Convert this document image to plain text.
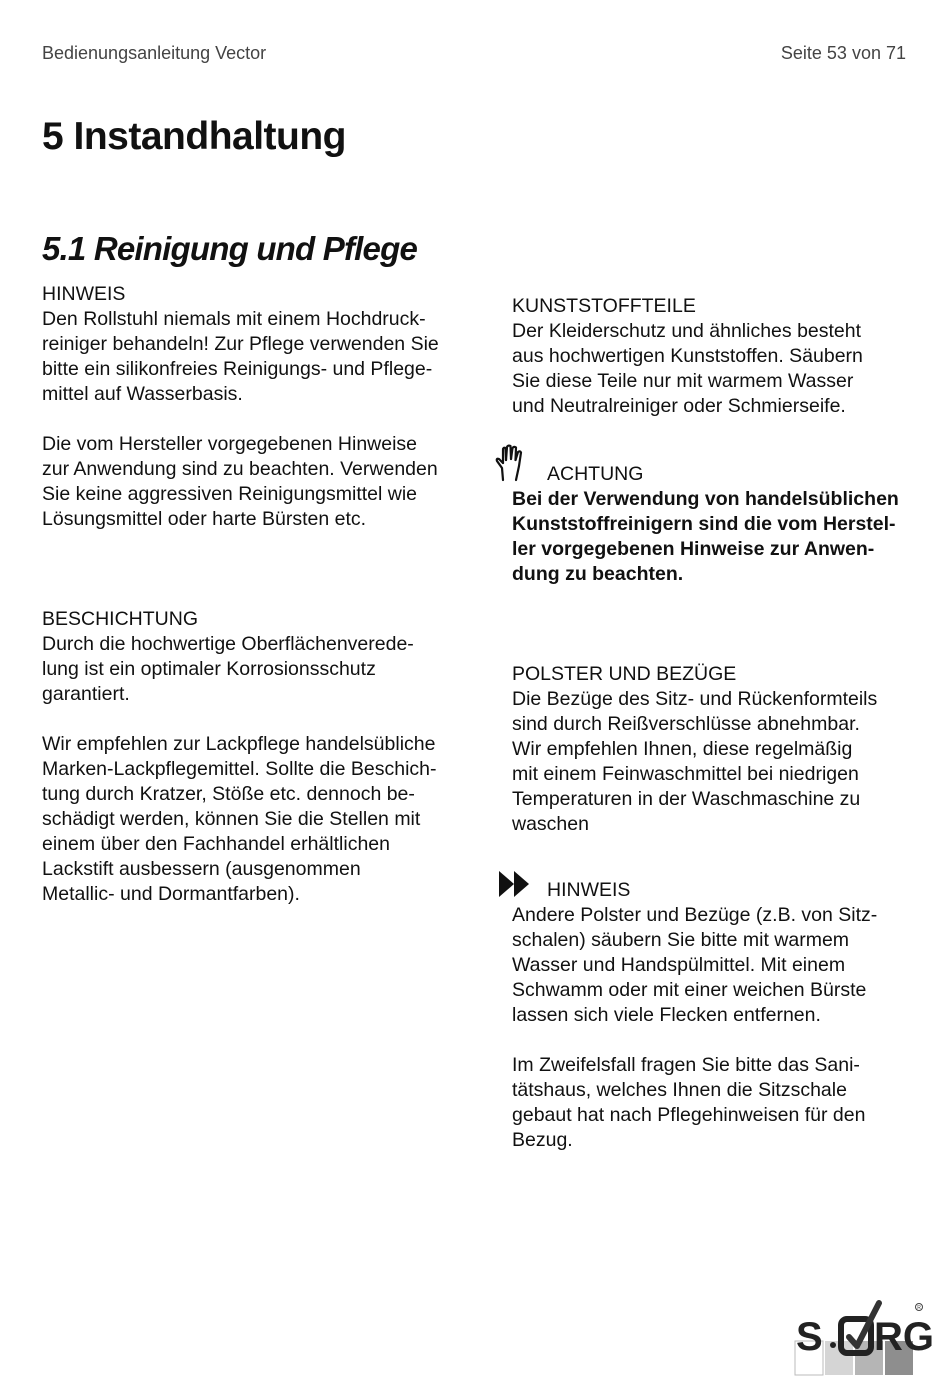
Bedienungsanleitung Vector	Seite 53 von 71
5 Instandhaltung
5.1 Reinigung und Pflege
HINWEIS
Den Rollstuhl niemals mit einem Hochdruck-
reiniger behandeln! Zur Pflege verwenden Sie
bitte ein silikonfreies Reinigungs- und Pflege-
mittel auf Wasserbasis.
Die vom Hersteller vorgegebenen Hinweise
zur Anwendung sind zu beachten. Verwenden
Sie keine aggressiven Reinigungsmittel wie
Lösungsmittel oder harte Bürsten etc.
BESCHICHTUNG
Durch die hochwertige Oberflächenverede-
lung ist ein optimaler Korrosionsschutz
garantiert.
Wir empfehlen zur Lackpflege handelsübliche
Marken-Lackpflegemittel. Sollte die Beschich-
tung durch Kratzer, Stöße etc. dennoch be-
schädigt werden, können Sie die Stellen mit
einem über den Fachhandel erhältlichen
Lackstift ausbessern (ausgenommen
Metallic- und Dormantfarben).
KUNSTSTOFFTEILE
Der Kleiderschutz und ähnliches besteht
aus hochwertigen Kunststoffen. Säubern
Sie diese Teile nur mit warmem Wasser
und Neutralreiniger oder Schmierseife.
ACHTUNG
Bei der Verwendung von handelsüblichen
Kunststoffreinigern sind die vom Herstel-
ler vorgegebenen Hinweise zur Anwen-
dung zu beachten.
POLSTER UND BEZÜGE
Die Bezüge des Sitz- und Rückenformteils
sind durch Reißverschlüsse abnehmbar.
Wir empfehlen Ihnen, diese regelmäßig
mit einem Feinwaschmittel bei niedrigen
Temperaturen in der Waschmaschine zu
waschen
HINWEIS
Andere Polster und Bezüge (z.B. von Sitz-
schalen) säubern Sie bitte mit warmem
Wasser und Handspülmittel. Mit einem
Schwamm oder mit einer weichen Bürste
lassen sich viele Flecken entfernen.
Im Zweifelsfall fragen Sie bitte das Sani-
tätshaus, welches Ihnen die Sitzschale
gebaut hat nach Pflegehinweisen für den
Bezug.
S RG
R
